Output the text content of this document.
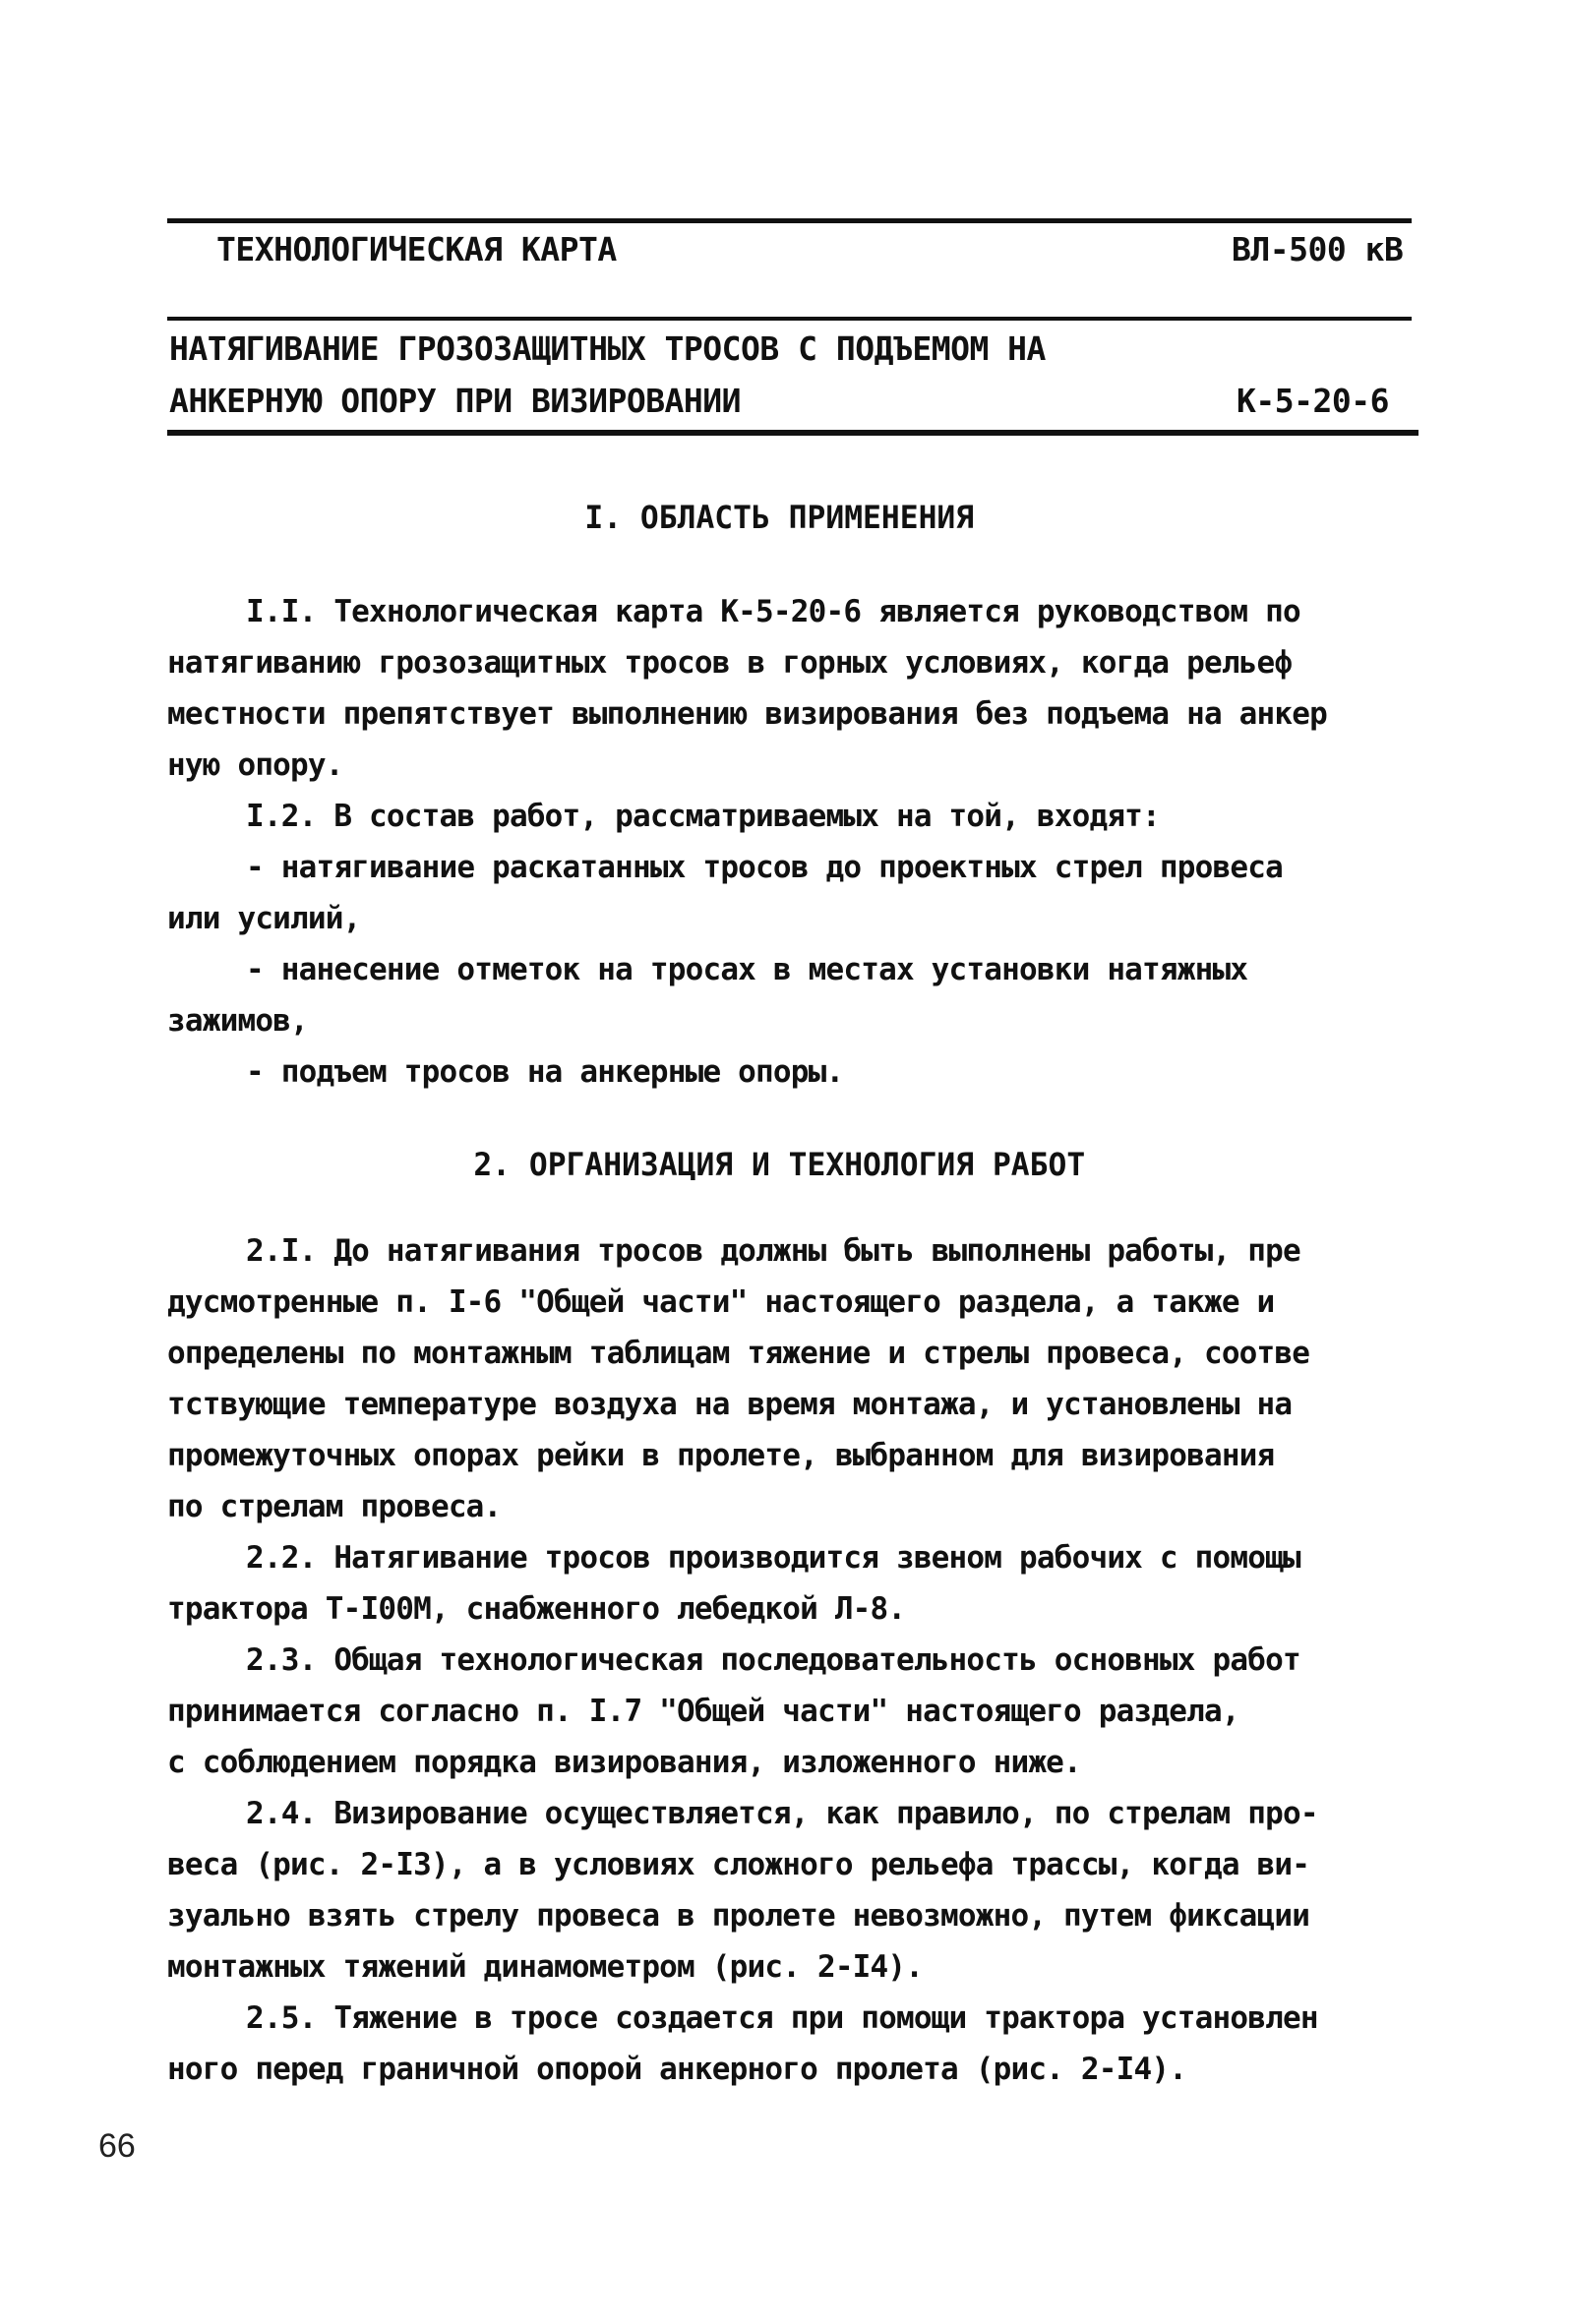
ТЕХНОЛОГИЧЕСКАЯ КАРТА	ВЛ-500 кВ
НАТЯГИВАНИЕ ГРОЗОЗАЩИТНЫХ ТРОСОВ С ПОДЪЕМОМ НА
АНКЕРНУЮ ОПОРУ ПРИ ВИЗИРОВАНИИ	К-5-20-6
I. ОБЛАСТЬ ПРИМЕНЕНИЯ
I.I. Технологическая карта К-5-20-6 является руководством по
натягиванию грозозащитных тросов в горных условиях, когда рельеф
местности препятствует выполнению визирования без подъема на анкер
ную опору.
I.2. В состав работ, рассматриваемых на той, входят:
- натягивание раскатанных тросов до проектных стрел провеса
или усилий,
- нанесение отметок на тросах в местах установки натяжных
зажимов,
- подъем тросов на анкерные опоры.
2. ОРГАНИЗАЦИЯ И ТЕХНОЛОГИЯ РАБОТ
2.I. До натягивания тросов должны быть выполнены работы, пре
дусмотренные п. I-6 "Общей части" настоящего раздела, а также и
определены по монтажным таблицам тяжение и стрелы провеса, соотве
тствующие температуре воздуха на время монтажа, и установлены на
промежуточных опорах рейки в пролете, выбранном для визирования
по стрелам провеса.
2.2. Натягивание тросов производится звеном рабочих с помощы
трактора Т-I00М, снабженного лебедкой Л-8.
2.3. Общая технологическая последовательность основных работ
принимается согласно п. I.7 "Общей части" настоящего раздела,
с соблюдением порядка визирования, изложенного ниже.
2.4. Визирование осуществляется, как правило, по стрелам про-
веса (рис. 2-I3), а в условиях сложного рельефа трассы, когда ви-
зуально взять стрелу провеса в пролете невозможно, путем фиксации
монтажных тяжений динамометром (рис. 2-I4).
2.5. Тяжение в тросе создается при помощи трактора установлен
ного перед граничной опорой анкерного пролета (рис. 2-I4).
66
